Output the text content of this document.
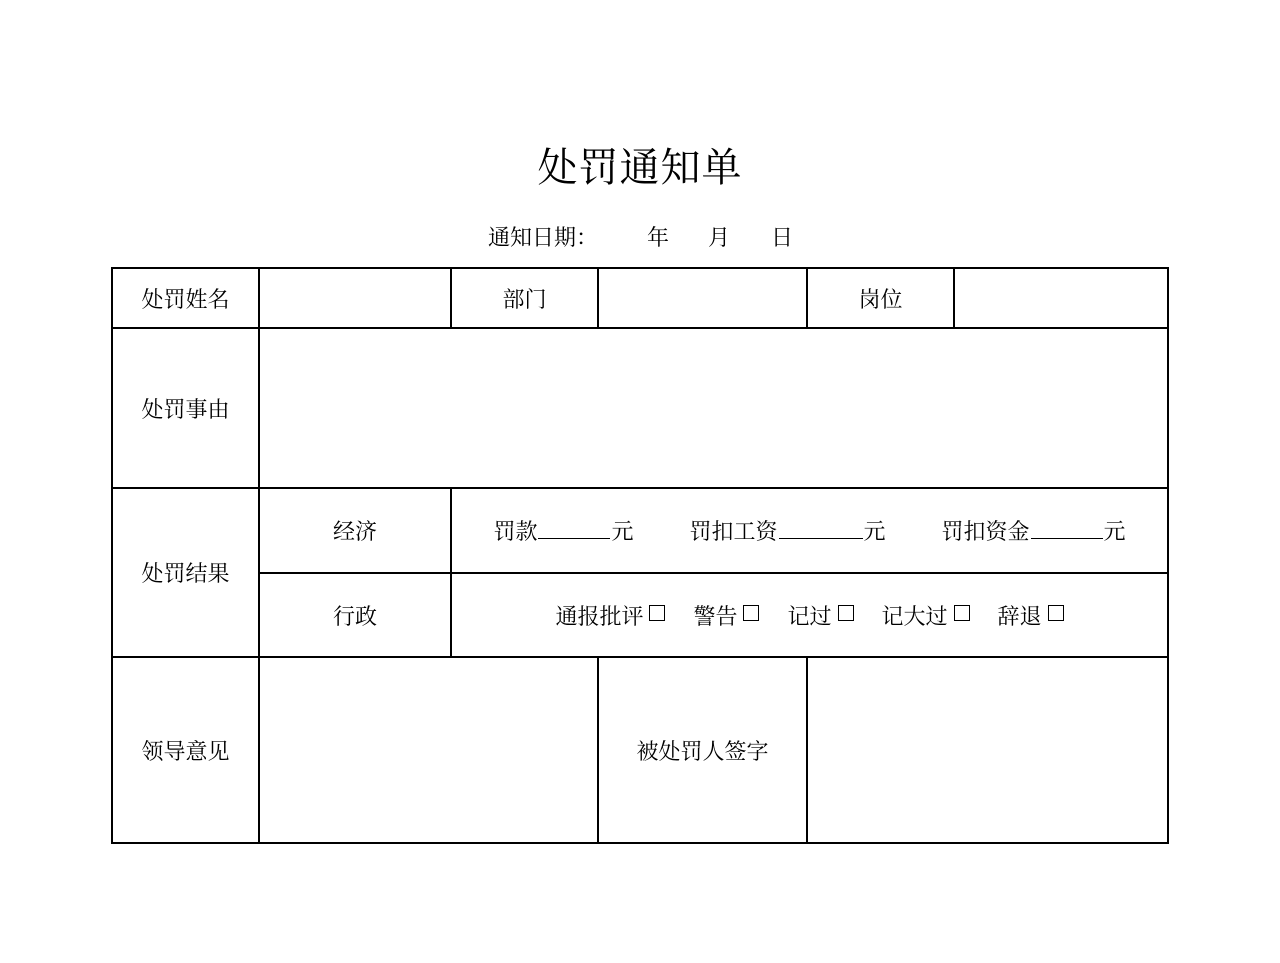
处罚通知单
通知日期： 年 月 日
处罚姓名	部门	岗位
处罚事由
处罚结果
经济	罚款	元	罚扣工资	元	罚扣资金	元
行政	通报批评 警告 记过 记大过 辞退
领导意见	被处罚人签字
